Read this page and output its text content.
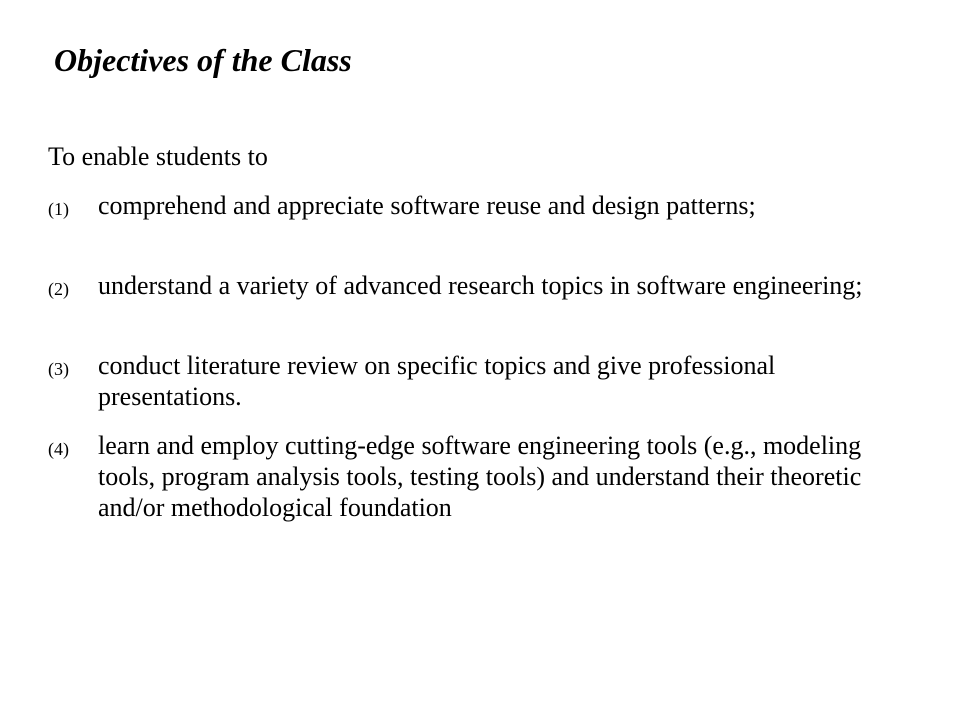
Objectives of the Class
To enable students to
(1) comprehend and appreciate software reuse and design patterns;
(2) understand a variety of advanced research topics in software engineering;
(3) conduct literature review on specific topics and give professional presentations.
(4) learn and employ cutting-edge software engineering tools (e.g., modeling tools, program analysis tools, testing tools) and understand their theoretic and/or methodological foundation
